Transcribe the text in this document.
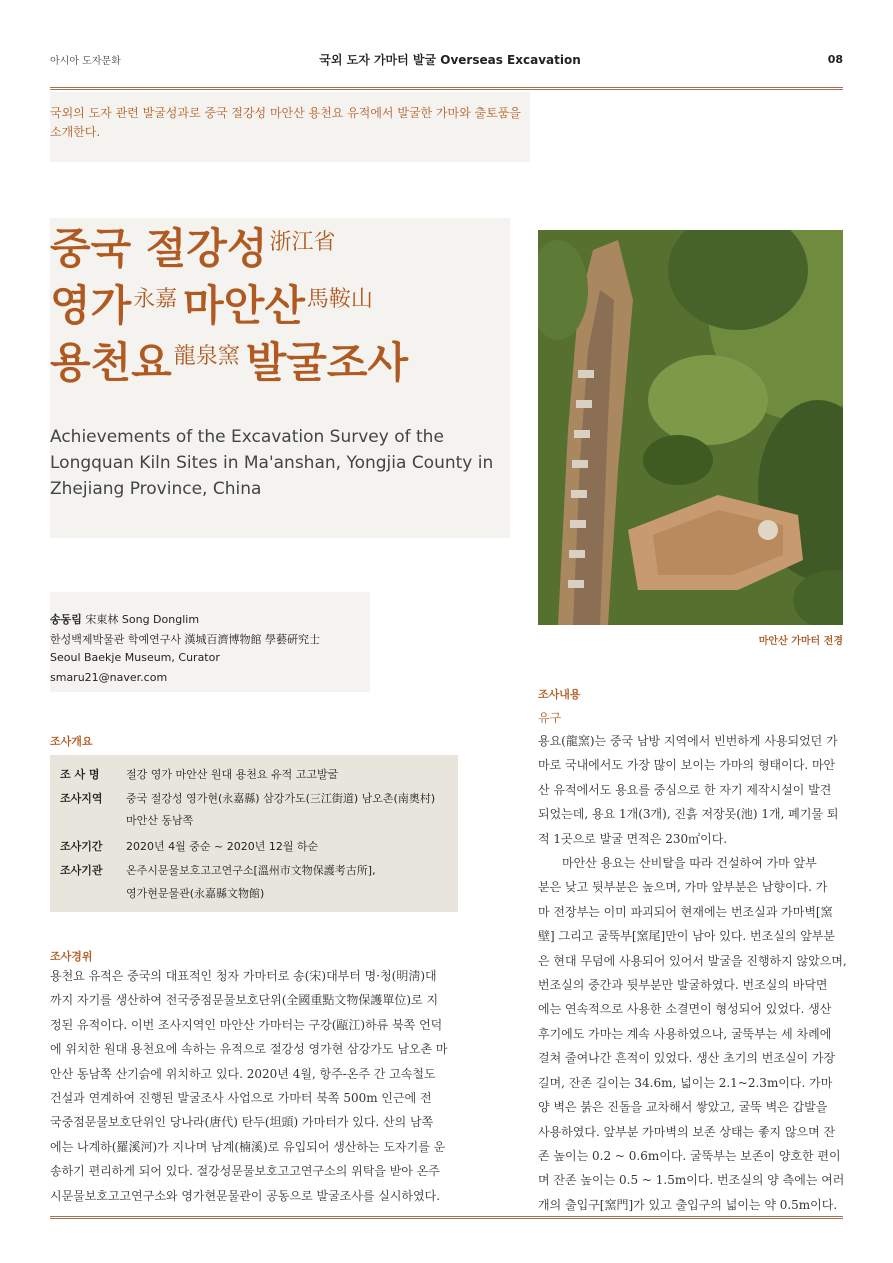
아시아 도자문화	국외 도자 가마터 발굴 Overseas Excavation	08
국외의 도자 관련 발굴성과로 중국 절강성 마안산 용천요 유적에서 발굴한 가마와 출토품을 소개한다.
중국 절강성$^{浙江省}$
영가$^{永嘉}$ 마안산$^{馬鞍山}$
용천요$^{龍泉窯}$ 발굴조사
Achievements of the Excavation Survey of the Longquan Kiln Sites in Ma'anshan, Yongjia County in Zhejiang Province, China
마안산 가마터 전경
송동림 宋東林 Song Donglim
한성백제박물관 학예연구사 漢城百濟博物館 學藝硏究士
Seoul Baekje Museum, Curator
smaru21@naver.com
조사개요
조 사 명	절강 영가 마안산 원대 용천요 유적 고고발굴
조사지역	중국 절강성 영가현(永嘉縣) 삼강가도(三江街道) 남오촌(南奧村)
마안산 동남쪽
조사기간	2020년 4월 중순 ~ 2020년 12월 하순
조사기관	온주시문물보호고고연구소[溫州市文物保護考古所],
영가현문물관(永嘉縣文物館)
조사경위
용천요 유적은 중국의 대표적인 청자 가마터로 송(宋)대부터 명·청(明淸)대
까지 자기를 생산하여 전국중점문물보호단위(全國重點文物保護單位)로 지
정된 유적이다. 이번 조사지역인 마안산 가마터는 구강(甌江)하류 북쪽 언덕
에 위치한 원대 용천요에 속하는 유적으로 절강성 영가현 삼강가도 남오촌 마
안산 동남쪽 산기슭에 위치하고 있다. 2020년 4월, 항주-온주 간 고속철도
건설과 연계하여 진행된 발굴조사 사업으로 가마터 북쪽 500m 인근에 전
국중점문물보호단위인 당나라(唐代) 탄두(坦頭) 가마터가 있다. 산의 남쪽
에는 나계하(羅溪河)가 지나며 남계(楠溪)로 유입되어 생산하는 도자기를 운
송하기 편리하게 되어 있다. 절강성문물보호고고연구소의 위탁을 받아 온주
시문물보호고고연구소와 영가현문물관이 공동으로 발굴조사를 실시하였다.
조사내용
유구
용요(龍窯)는 중국 남방 지역에서 빈번하게 사용되었던 가
마로 국내에서도 가장 많이 보이는 가마의 형태이다. 마안
산 유적에서도 용요를 중심으로 한 자기 제작시설이 발견
되었는데, 용요 1개(3개), 진흙 저장못(池) 1개, 폐기물 퇴
적 1곳으로 발굴 면적은 230㎡이다.
마안산 용요는 산비탈을 따라 건설하여 가마 앞부
분은 낮고 뒷부분은 높으며, 가마 앞부분은 남향이다. 가
마 전장부는 이미 파괴되어 현재에는 번조실과 가마벽[窯
壁] 그리고 굴뚝부[窯尾]만이 남아 있다. 번조실의 앞부분
은 현대 무덤에 사용되어 있어서 발굴을 진행하지 않았으며,
번조실의 중간과 뒷부분만 발굴하였다. 번조실의 바닥면
에는 연속적으로 사용한 소결면이 형성되어 있었다. 생산
후기에도 가마는 계속 사용하였으나, 굴뚝부는 세 차례에
걸쳐 줄여나간 흔적이 있었다. 생산 초기의 번조실이 가장
길며, 잔존 길이는 34.6m, 넓이는 2.1~2.3m이다. 가마
양 벽은 붉은 진돌을 교차해서 쌓았고, 굴뚝 벽은 갑발을
사용하였다. 앞부분 가마벽의 보존 상태는 좋지 않으며 잔
존 높이는 0.2 ~ 0.6m이다. 굴뚝부는 보존이 양호한 편이
며 잔존 높이는 0.5 ~ 1.5m이다. 번조실의 양 측에는 여러
개의 출입구[窯門]가 있고 출입구의 넓이는 약 0.5m이다.
